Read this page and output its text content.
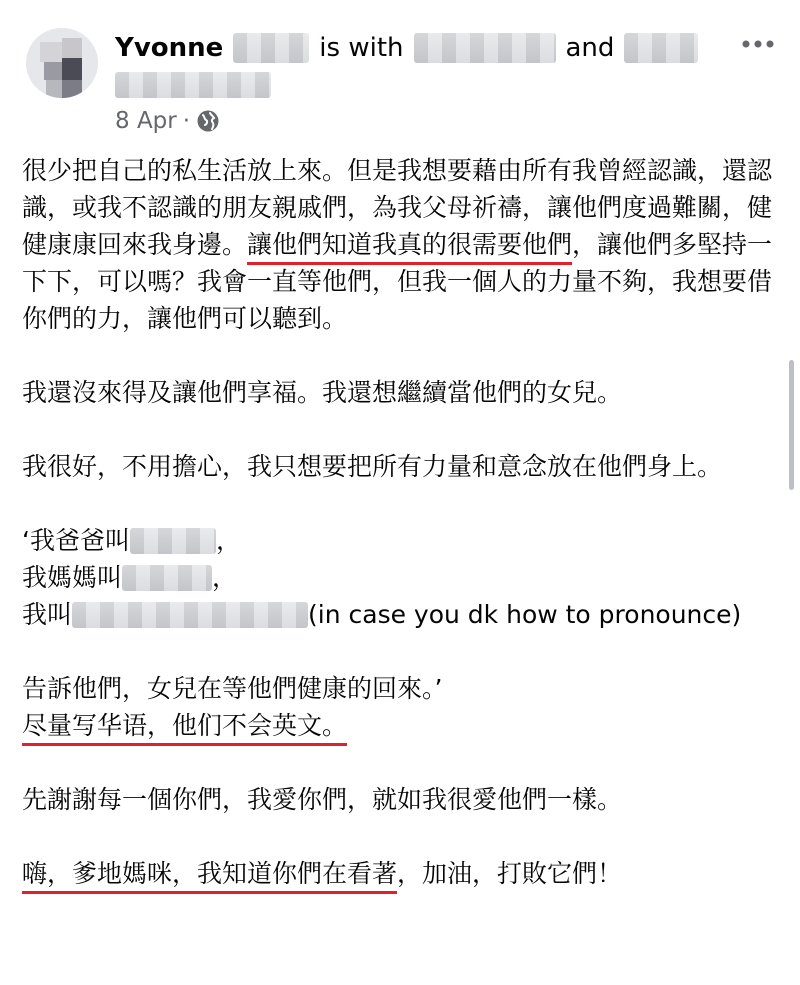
Yvonne	is with	and
8 Apr ·

很少把自己的私生活放上來。但是我想要藉由所有我曾經認識，還認識，或我不認識的朋友親戚們，為我父母祈禱，讓他們度過難關，健健康康回來我身邊。讓他們知道我真的很需要他們，讓他們多堅持一下下，可以嗎？我會一直等他們，但我一個人的力量不夠，我想要借你們的力，讓他們可以聽到。

我還沒來得及讓他們享福。我還想繼續當他們的女兒。

我很好，不用擔心，我只想要把所有力量和意念放在他們身上。

‘我爸爸叫	，

我媽媽叫	，

我叫	(in case you dk how to pronounce)

告訴他們，女兒在等他們健康的回來。’
尽量写华语，他们不会英文。

先謝謝每一個你們，我愛你們，就如我很愛他們一樣。

嗨，爹地媽咪，我知道你們在看著，加油，打敗它們！
